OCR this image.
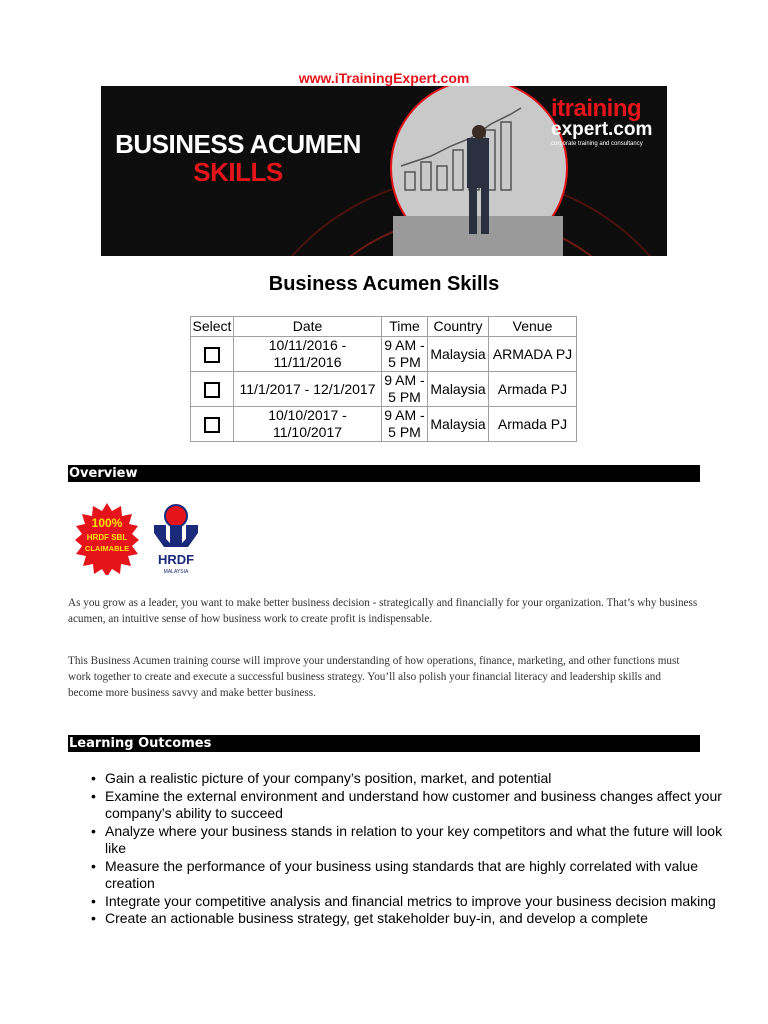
www.iTrainingExpert.com
BUSINESS ACUMEN
SKILLS
itraining
expert.com
corporate training and consultancy
Business Acumen Skills
Select	Date	Time	Country	Venue
	10/11/2016 -
11/11/2016	9 AM -
5 PM	Malaysia	ARMADA PJ
	11/1/2017 - 12/1/2017	9 AM -
5 PM	Malaysia	Armada PJ
	10/10/2017 -
11/10/2017	9 AM -
5 PM	Malaysia	Armada PJ
Overview
100%
HRDF SBL
CLAIMABLE
HRDF
MALAYSIA
As you grow as a leader, you want to make better business decision - strategically and financially for your organization. That’s why business acumen, an intuitive sense of how business work to create profit is indispensable.
This Business Acumen training course will improve your understanding of how operations, finance, marketing, and other functions must work together to create and execute a successful business strategy. You’ll also polish your financial literacy and leadership skills and become more business savvy and make better business.
Learning Outcomes
• Gain a realistic picture of your company’s position, market, and potential
• Examine the external environment and understand how customer and business changes affect your company’s ability to succeed
• Analyze where your business stands in relation to your key competitors and what the future will look like
• Measure the performance of your business using standards that are highly correlated with value creation
• Integrate your competitive analysis and financial metrics to improve your business decision making
• Create an actionable business strategy, get stakeholder buy-in, and develop a complete
